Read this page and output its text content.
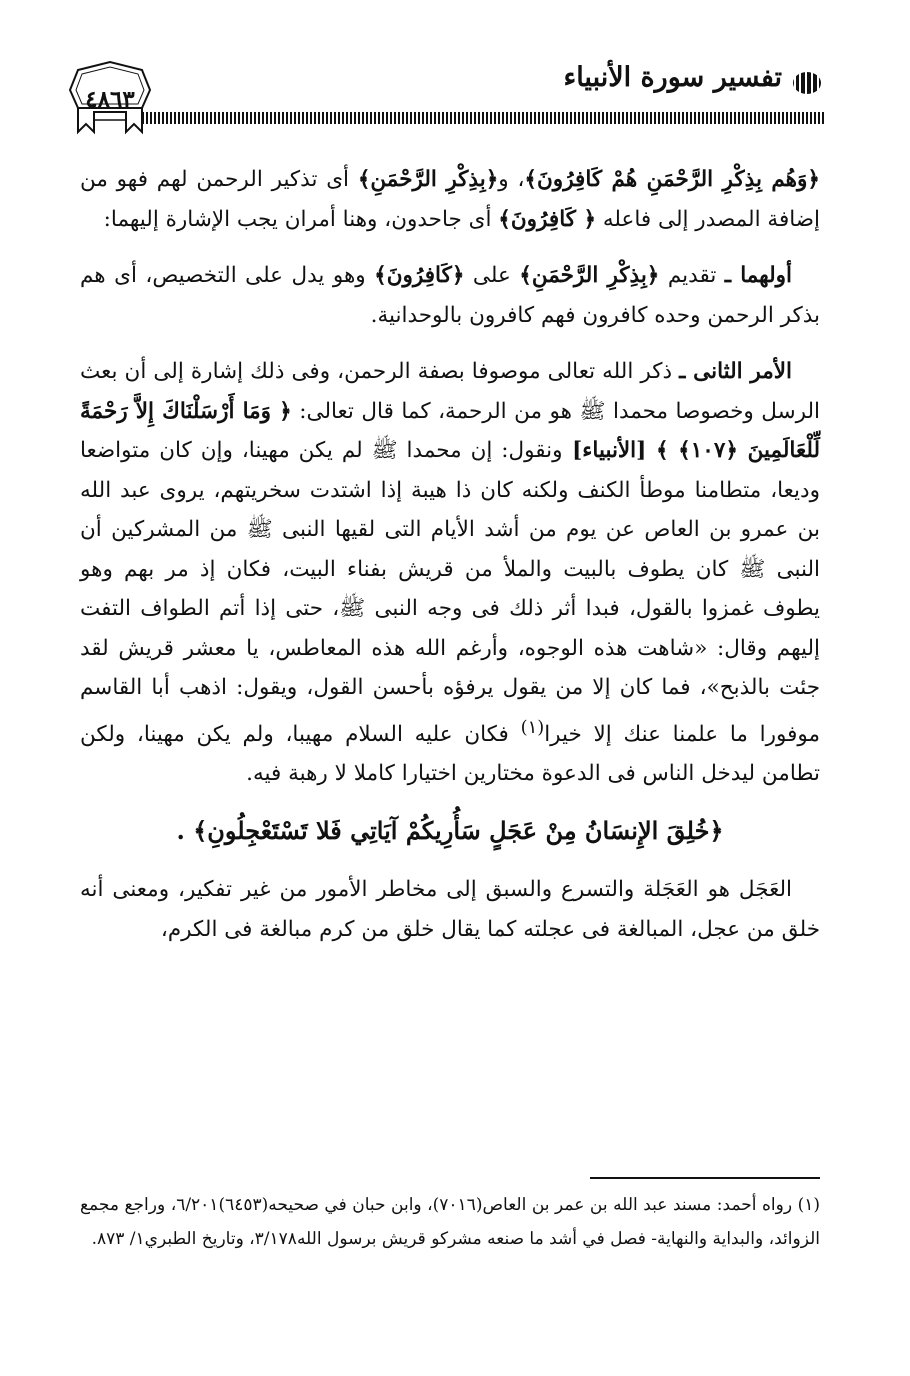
تفسير سورة الأنبياء
٤٨٦٣

﴿وَهُم بِذِكْرِ الرَّحْمَنِ هُمْ كَافِرُونَ﴾، و﴿بِذِكْرِ الرَّحْمَنِ﴾ أى تذكير الرحمن لهم فهو من إضافة المصدر إلى فاعله ﴿ كَافِرُونَ﴾ أى جاحدون، وهنا أمران يجب الإشارة إليهما:

أولهما ـ تقديم ﴿بِذِكْرِ الرَّحْمَنِ﴾ على ﴿كَافِرُونَ﴾ وهو يدل على التخصيص، أى هم بذكر الرحمن وحده كافرون فهم كافرون بالوحدانية.

الأمر الثانى ـ ذكر الله تعالى موصوفا بصفة الرحمن، وفى ذلك إشارة إلى أن بعث الرسل وخصوصا محمدا ﷺ هو من الرحمة، كما قال تعالى: ﴿ وَمَا أَرْسَلْنَاكَ إِلاَّ رَحْمَةً لِّلْعَالَمِينَ ﴿١٠٧﴾ ﴾ [الأنبياء] ونقول: إن محمدا ﷺ لم يكن مهينا، وإن كان متواضعا وديعا، متطامنا موطأ الكنف ولكنه كان ذا هيبة إذا اشتدت سخريتهم، يروى عبد الله بن عمرو بن العاص عن يوم من أشد الأيام التى لقيها النبى ﷺ من المشركين أن النبى ﷺ كان يطوف بالبيت والملأ من قريش بفناء البيت، فكان إذ مر بهم وهو يطوف غمزوا بالقول، فبدا أثر ذلك فى وجه النبى ﷺ، حتى إذا أتم الطواف التفت إليهم وقال: «شاهت هذه الوجوه، وأرغم الله هذه المعاطس، يا معشر قريش لقد جئت بالذبح»، فما كان إلا من يقول يرفؤه بأحسن القول، ويقول: اذهب أبا القاسم موفورا ما علمنا عنك إلا خيرا$^{(١)}$ فكان عليه السلام مهيبا، ولم يكن مهينا، ولكن تطامن ليدخل الناس فى الدعوة مختارين اختيارا كاملا لا رهبة فيه.

﴿خُلِقَ الإِنسَانُ مِنْ عَجَلٍ سَأُرِيكُمْ آيَاتِي فَلا تَسْتَعْجِلُونِ﴾ .

العَجَل هو العَجَلة والتسرع والسبق إلى مخاطر الأمور من غير تفكير، ومعنى أنه خلق من عجل، المبالغة فى عجلته كما يقال خلق من كرم مبالغة فى الكرم،

(١) رواه أحمد: مسند عبد الله بن عمر بن العاص(٧٠١٦)، وابن حبان في صحيحه(٦٤٥٣)٦/٢٠١، وراجع مجمع الزوائد، والبداية والنهاية- فصل في أشد ما صنعه مشركو قريش برسول الله٣/١٧٨، وتاريخ الطبري١/ ٨٧٣.
